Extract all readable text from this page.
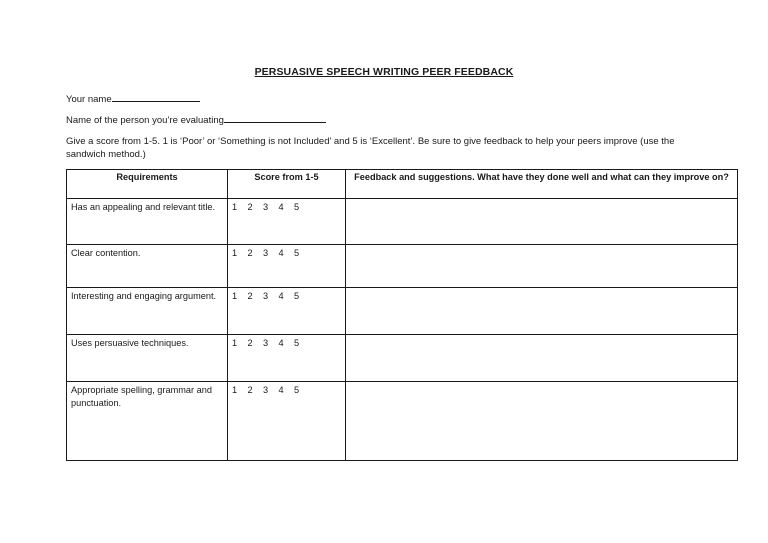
PERSUASIVE SPEECH WRITING PEER FEEDBACK
Your name
Name of the person you’re evaluating
Give a score from 1-5. 1 is ‘Poor’ or ‘Something is not Included’ and 5 is ‘Excellent’. Be sure to give feedback to help your peers improve (use the sandwich method.)
Requirements	Score from 1-5	Feedback and suggestions. What have they done well and what can they improve on?
Has an appealing and relevant title.	1 2 3 4 5	
Clear contention.	1 2 3 4 5	
Interesting and engaging argument.	1 2 3 4 5	
Uses persuasive techniques.	1 2 3 4 5	
Appropriate spelling, grammar and punctuation.	1 2 3 4 5	
